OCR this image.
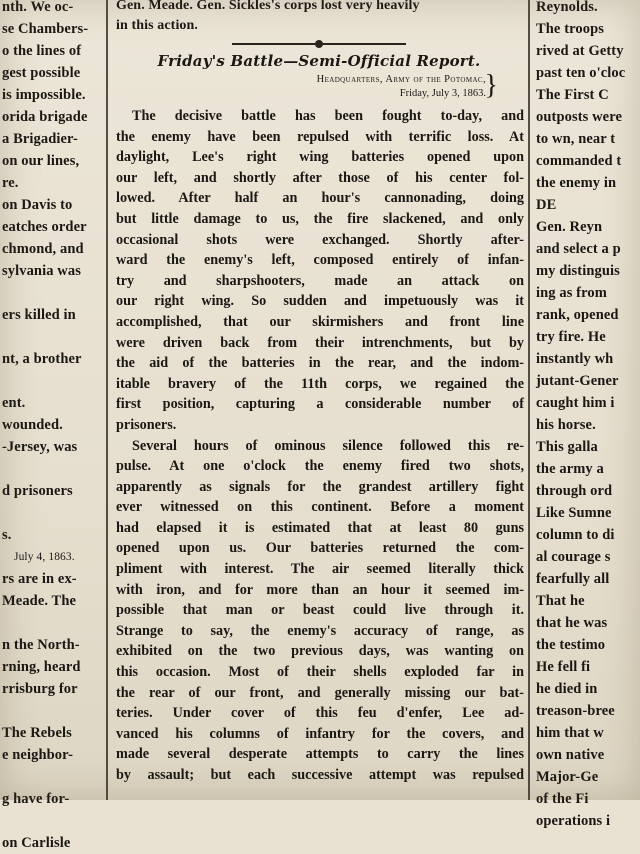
nth. We oc-
se Chambers-
o the lines of
gest possible
is impossible.
orida brigade
a Brigadier-
on our lines,
re.
on Davis to
eatches order
chmond, and
sylvania was
ers killed in
nt, a brother
ent.
wounded.
-Jersey, was
d prisoners
s.
July 4, 1863.
rs are in ex-
Meade. The
n the North-
rning, heard
rrisburg for
The Rebels
e neighbor-
g have for-
on Carlisle
Gen. Meade. Gen. Sickles's corps lost very heavily
in this action.
Friday's Battle—Semi-Official Report.
Headquarters, Army of the Potomac,
Friday, July 3, 1863.
}
The decisive battle has been fought to-day, and
the enemy have been repulsed with terrific loss. At
daylight, Lee's right wing batteries opened upon
our left, and shortly after those of his center fol-
lowed. After half an hour's cannonading, doing
but little damage to us, the fire slackened, and only
occasional shots were exchanged. Shortly after-
ward the enemy's left, composed entirely of infan-
try and sharpshooters, made an attack on
our right wing. So sudden and impetuously was it
accomplished, that our skirmishers and front line
were driven back from their intrenchments, but by
the aid of the batteries in the rear, and the indom-
itable bravery of the 11th corps, we regained the
first position, capturing a considerable number of
prisoners.
Several hours of ominous silence followed this re-
pulse. At one o'clock the enemy fired two shots,
apparently as signals for the grandest artillery fight
ever witnessed on this continent. Before a moment
had elapsed it is estimated that at least 80 guns
opened upon us. Our batteries returned the com-
pliment with interest. The air seemed literally thick
with iron, and for more than an hour it seemed im-
possible that man or beast could live through it.
Strange to say, the enemy's accuracy of range, as
exhibited on the two previous days, was wanting on
this occasion. Most of their shells exploded far in
the rear of our front, and generally missing our bat-
teries. Under cover of this feu d'enfer, Lee ad-
vanced his columns of infantry for the covers, and
made several desperate attempts to carry the lines
by assault; but each successive attempt was repulsed
Reynolds.
The troops
rived at Getty
past ten o'cloc
The First C
outposts were
to wn, near t
commanded t
the enemy in
DE
Gen. Reyn
and select a p
my distinguis
ing as from
rank, opened
try fire. He
instantly wh
jutant-Gener
caught him i
his horse.
This galla
the army a
through ord
Like Sumne
column to di
al courage s
fearfully all
That he
that he was
the testimo
He fell fi
he died in
treason-bree
him that w
own native
Major-Ge
of the Fi
operations i
